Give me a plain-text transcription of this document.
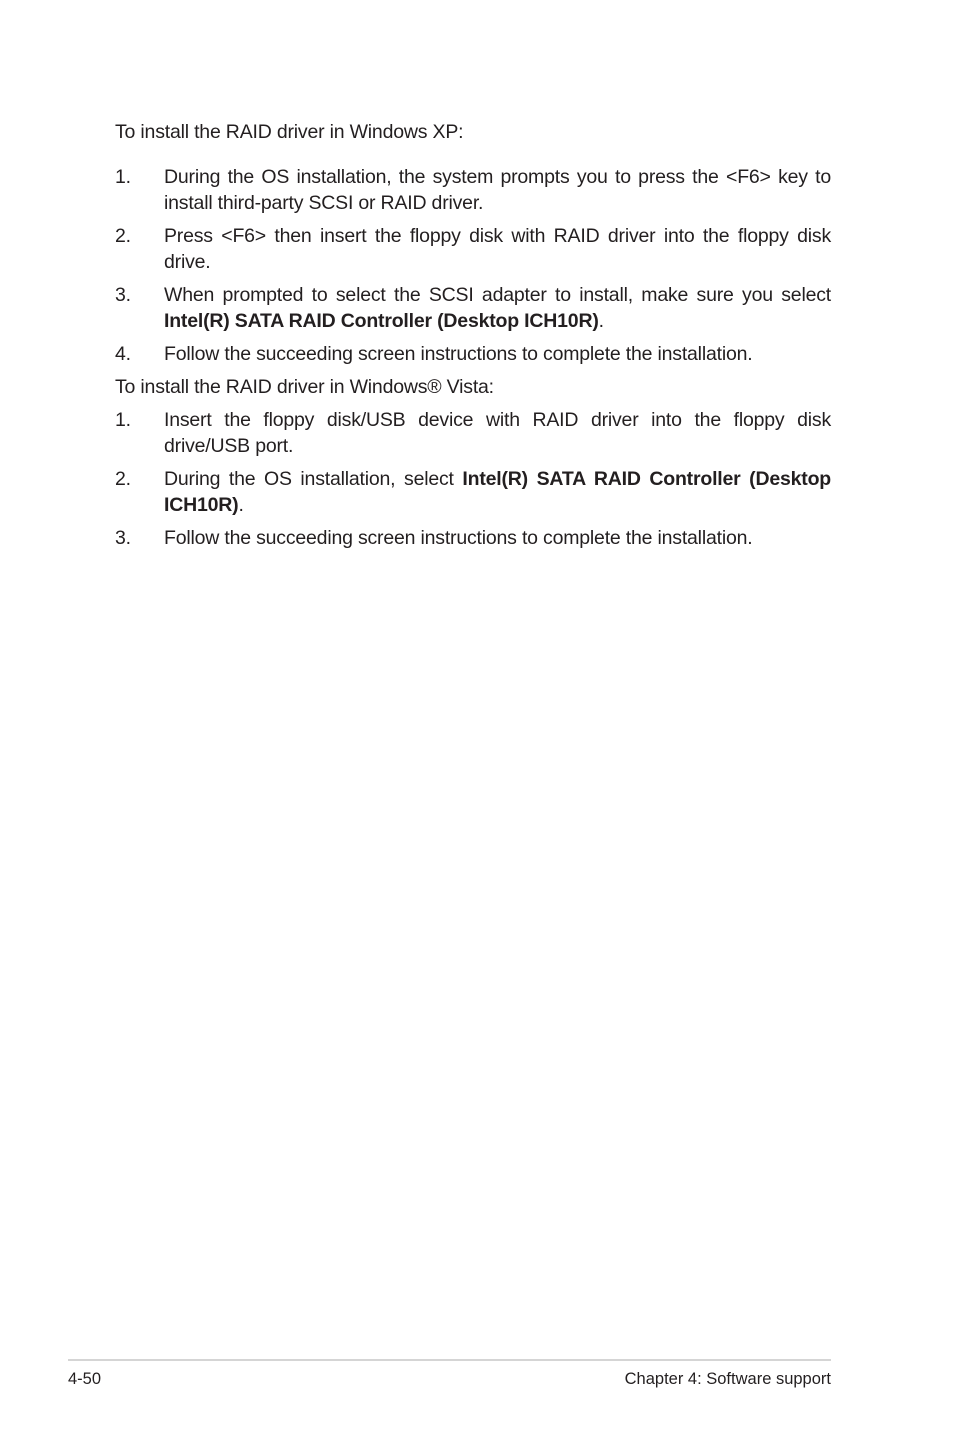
To install the RAID driver in Windows XP:

1. During the OS installation, the system prompts you to press the <F6> key to install third-party SCSI or RAID driver.
2. Press <F6> then insert the floppy disk with RAID driver into the floppy disk drive.
3. When prompted to select the SCSI adapter to install, make sure you select Intel(R) SATA RAID Controller (Desktop ICH10R).
4. Follow the succeeding screen instructions to complete the installation.

To install the RAID driver in Windows® Vista:

1. Insert the floppy disk/USB device with RAID driver into the floppy disk drive/USB port.
2. During the OS installation, select Intel(R) SATA RAID Controller (Desktop ICH10R).
3. Follow the succeeding screen instructions to complete the installation.
4-50	Chapter 4: Software support
